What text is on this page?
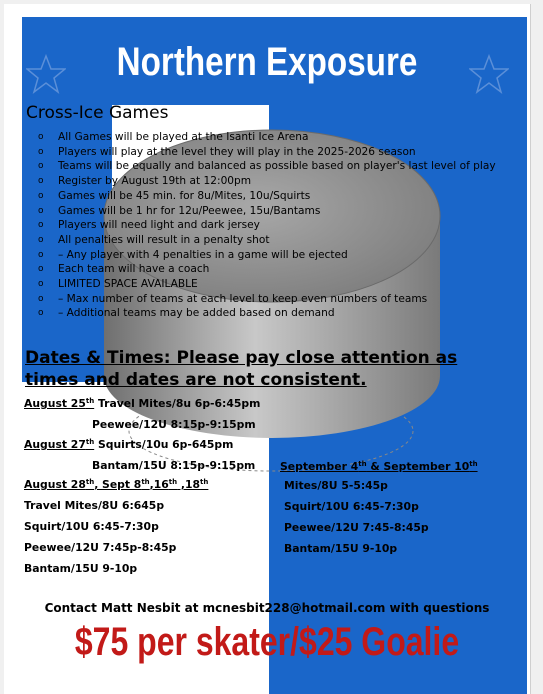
Northern Exposure
Cross-Ice Games
o All Games will be played at the Isanti Ice Arena
o Players will play at the level they will play in the 2025-2026 season
o Teams will be equally and balanced as possible based on player's last level of play
o Register by August 19th at 12:00pm
o Games will be 45 min. for 8u/Mites, 10u/Squirts
o Games will be 1 hr for 12u/Peewee, 15u/Bantams
o Players will need light and dark jersey
o All penalties will result in a penalty shot
o – Any player with 4 penalties in a game will be ejected
o Each team will have a coach
o LIMITED SPACE AVAILABLE
o – Max number of teams at each level to keep even numbers of teams
o – Additional teams may be added based on demand
Dates & Times: Please pay close attention as times and dates are not consistent.
August 25th Travel Mites/8u 6p-6:45pm
Peewee/12U 8:15p-9:15pm
August 27th Squirts/10u 6p-645pm
Bantam/15U 8:15p-9:15pm
August 28th, Sept 8th,16th ,18th
Travel Mites/8U 6:645p
Squirt/10U 6:45-7:30p
Peewee/12U 7:45p-8:45p
Bantam/15U 9-10p
September 4th & September 10th
Mites/8U 5-5:45p
Squirt/10U 6:45-7:30p
Peewee/12U 7:45-8:45p
Bantam/15U 9-10p
Contact Matt Nesbit at mcnesbit228@hotmail.com with questions
$75 per skater/$25 Goalie
